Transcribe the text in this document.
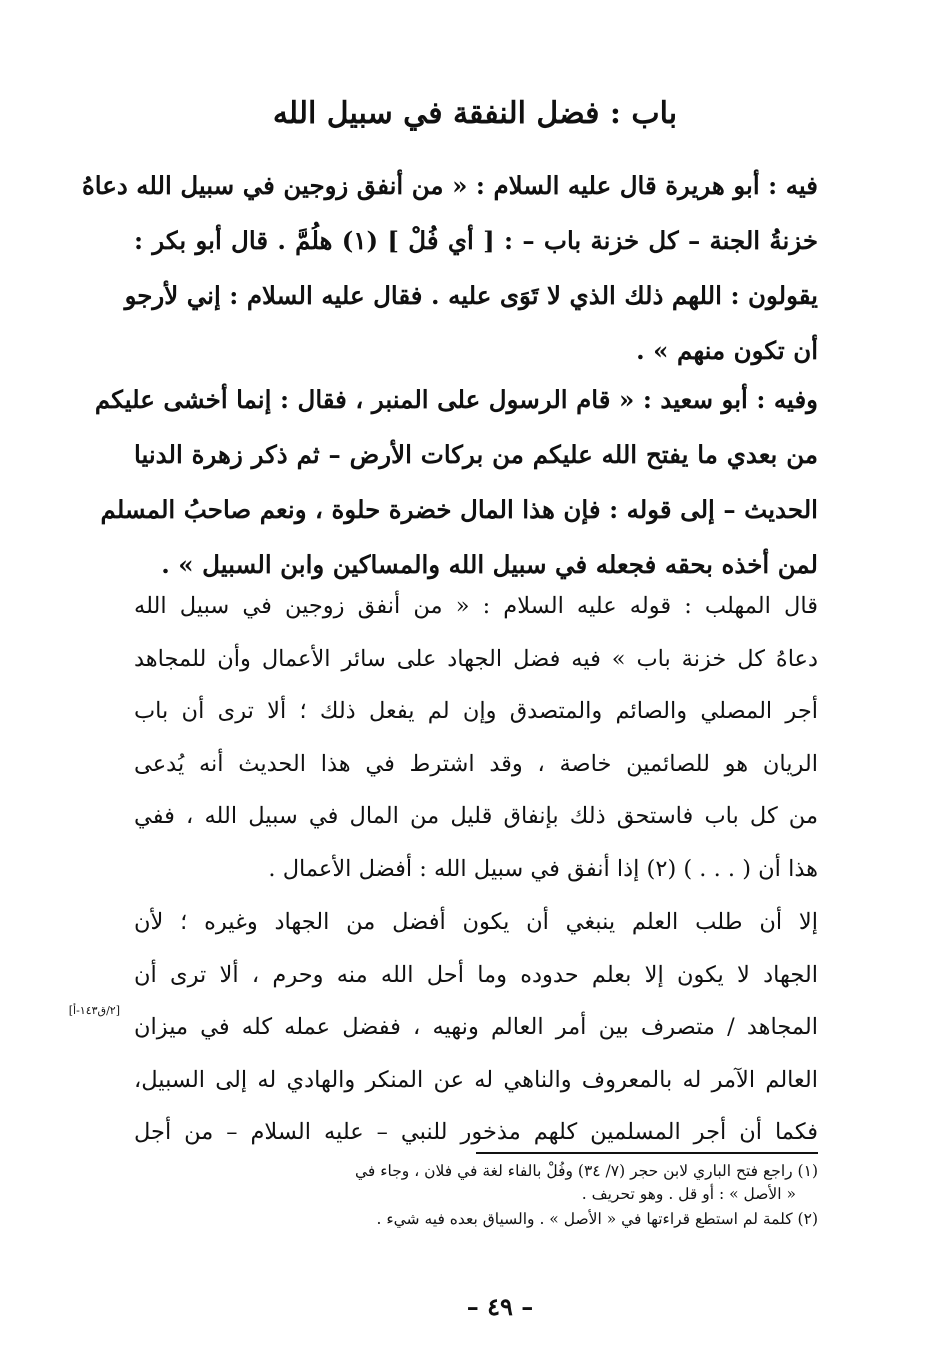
باب : فضل النفقة في سبيل الله
فيه : أبو هريرة قال عليه السلام : « من أنفق زوجين في سبيل الله دعاهُ
خزنةُ الجنة – كل خزنة باب – : [ أي فُلْ ] (١) هلُمَّ . قال أبو بكر :
يقولون : اللهم ذلك الذي لا تَوَى عليه . فقال عليه السلام : إني لأرجو
أن تكون منهم » .
وفيه : أبو سعيد : « قام الرسول على المنبر ، فقال : إنما أخشى عليكم
من بعدي ما يفتح الله عليكم من بركات الأرض – ثم ذكر زهرة الدنيا
الحديث – إلى قوله : فإن هذا المال خضرة حلوة ، ونعم صاحبُ المسلم
لمن أخذه بحقه فجعله في سبيل الله والمساكين وابن السبيل » .
قال المهلب : قوله عليه السلام : « من أنفق زوجين في سبيل الله
دعاهُ كل خزنة باب » فيه فضل الجهاد على سائر الأعمال وأن للمجاهد
أجر المصلي والصائم والمتصدق وإن لم يفعل ذلك ؛ ألا ترى أن باب
الريان هو للصائمين خاصة ، وقد اشترط في هذا الحديث أنه يُدعى
من كل باب فاستحق ذلك بإنفاق قليل من المال في سبيل الله ، ففي
هذا أن ( . . . ) (٢) إذا أنفق في سبيل الله : أفضل الأعمال .
إلا أن طلب العلم ينبغي أن يكون أفضل من الجهاد وغيره ؛ لأن
الجهاد لا يكون إلا بعلم حدوده وما أحل الله منه وحرم ، ألا ترى أن
المجاهد / متصرف بين أمر العالم ونهيه ، ففضل عمله كله في ميزان
العالم الآمر له بالمعروف والناهي له عن المنكر والهادي له إلى السبيل،
فكما أن أجر المسلمين كلهم مذخور للنبي – عليه السلام – من أجل
[٢/ق١٤٣-أ]

(١) راجع فتح الباري لابن حجر (٧/ ٣٤) وفُلْ بالفاء لغة في فلان ، وجاء في
« الأصل » : أو قل . وهو تحريف .

(٢) كلمة لم استطع قراءتها في « الأصل » . والسياق بعده فيه شيء .

– ٤٩ –
